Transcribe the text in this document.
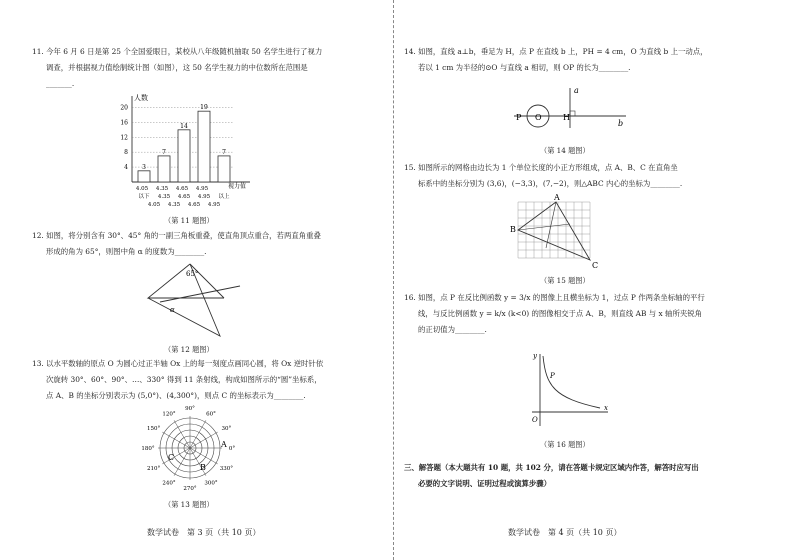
11. 今年 6 月 6 日是第 25 个全国爱眼日，某校从八年级随机抽取 50 名学生进行了视力
调查，并根据视力值绘制统计图（如图），这 50 名学生视力的中位数所在范围是
_______.
人数
视力值
4
8
12
16
20
3
7
14
19
7
4.05 4.35 4.65 4.95
以下 4.35 4.65 4.95 以上
4.05 4.35 4.65 4.95
（第 11 题图）
12. 如图，将分别含有 30°、45° 角的一副三角板重叠，使直角顶点重合，若两直角重叠
形成的角为 65°，则图中角 α 的度数为________.
65°
α
（第 12 题图）
13. 以水平数轴的原点 O 为圆心过正半轴 Ox 上的每一刻度点画同心圆，将 Ox 逆时针依
次旋转 30°、60°、90°、…、330° 得到 11 条射线，构成如图所示的“圆”坐标系，
点 A、B 的坐标分别表示为 (5,0°)、(4,300°)，则点 C 的坐标表示为________.
90°
60°
30°
0°
330°
300°
270°
240°
210°
180°
150°
120°
A
B
C
（第 13 题图）
数学试卷　第 3 页（共 10 页）
14. 如图，直线 a⊥b，垂足为 H，点 P 在直线 b 上，PH = 4 cm，O 为直线 b 上一动点，
若以 1 cm 为半径的⊙O 与直线 a 相切，则 OP 的长为________.
P O	H
a
b
（第 14 题图）
15. 如图所示的网格由边长为 1 个单位长度的小正方形组成，点 A、B、C 在直角坐
标系中的坐标分别为 (3,6)，(−3,3)，(7,−2)，则△ABC 内心的坐标为________.
A
B
C
（第 15 题图）
16. 如图，点 P 在反比例函数 y = 3/x 的图像上且横坐标为 1，过点 P 作两条坐标轴的平行
线，与反比例函数 y = k/x (k<0) 的图像相交于点 A、B，则直线 AB 与 x 轴所夹锐角
的正切值为________.
y
x
O
P
（第 16 题图）
三、解答题（本大题共有 10 题，共 102 分，请在答题卡规定区域内作答，解答时应写出
必要的文字说明、证明过程或演算步骤）
数学试卷　第 4 页（共 10 页）
